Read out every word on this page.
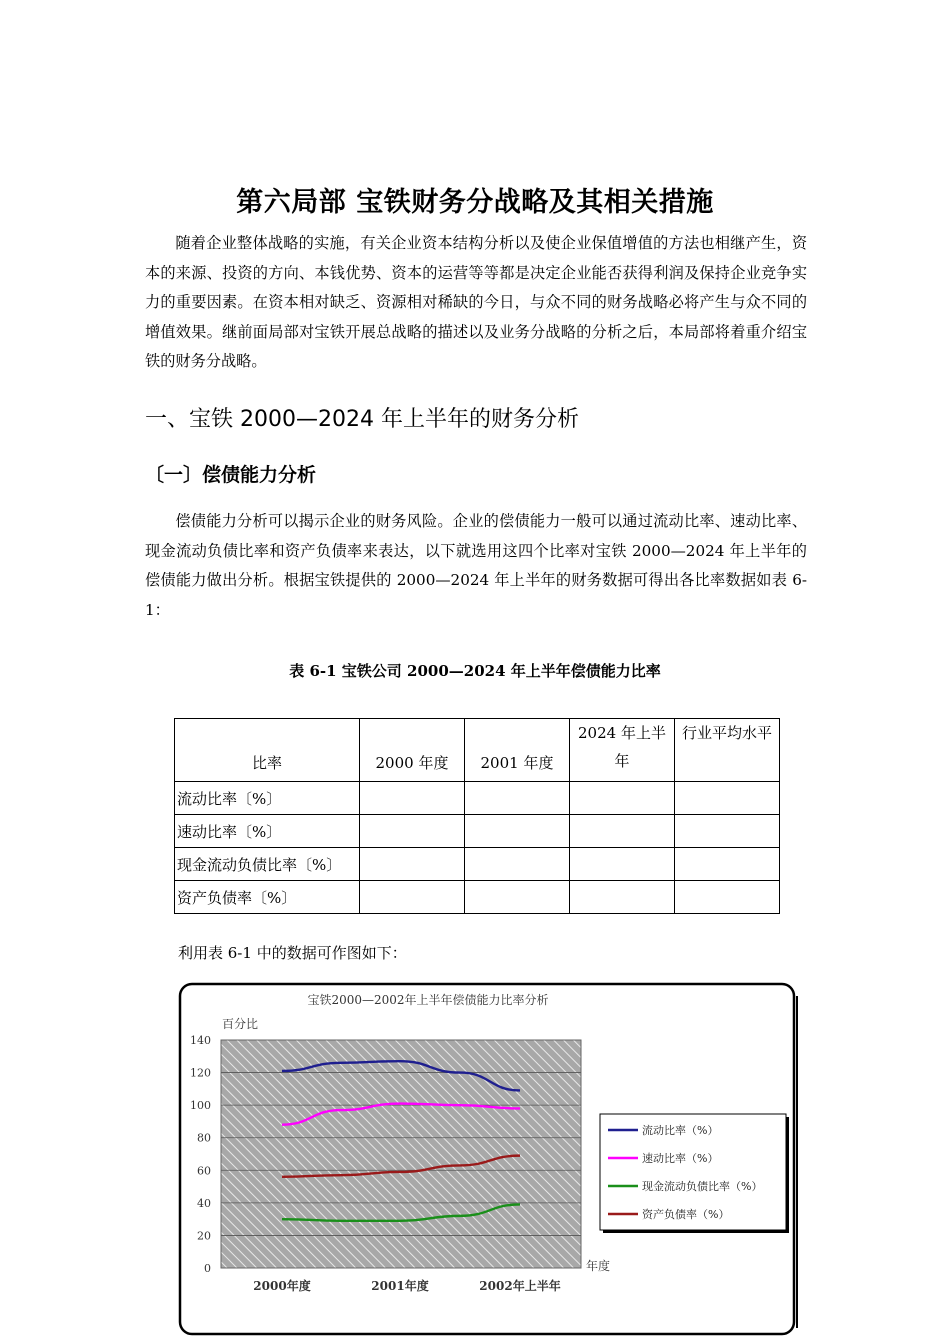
第六局部 宝铁财务分战略及其相关措施
随着企业整体战略的实施，有关企业资本结构分析以及使企业保值增值的方法也相继产生，资本的来源、投资的方向、本钱优势、资本的运营等等都是决定企业能否获得利润及保持企业竞争实力的重要因素。在资本相对缺乏、资源相对稀缺的今日，与众不同的财务战略必将产生与众不同的增值效果。继前面局部对宝铁开展总战略的描述以及业务分战略的分析之后，本局部将着重介绍宝铁的财务分战略。
一、宝铁 2000—2024 年上半年的财务分析
〔一〕偿债能力分析
偿债能力分析可以揭示企业的财务风险。企业的偿债能力一般可以通过流动比率、速动比率、现金流动负债比率和资产负债率来表达，以下就选用这四个比率对宝铁 2000—2024 年上半年的偿债能力做出分析。根据宝铁提供的 2000—2024 年上半年的财务数据可得出各比率数据如表 6-1：
表 6-1 宝铁公司 2000—2024 年上半年偿债能力比率
比率	2000 年度	2001 年度	2024 年上半年	行业平均水平
流动比率〔%〕				
速动比率〔%〕				
现金流动负债比率〔%〕				
资产负债率〔%〕				
利用表 6-1 中的数据可作图如下：
宝铁2000—2002年上半年偿债能力比率分析
百分比
0
20
40
60
80
100
120
140
2000年度	2001年度	2002年上半年
年度
流动比率（%）
速动比率（%）
现金流动负债比率（%）
资产负债率（%）
